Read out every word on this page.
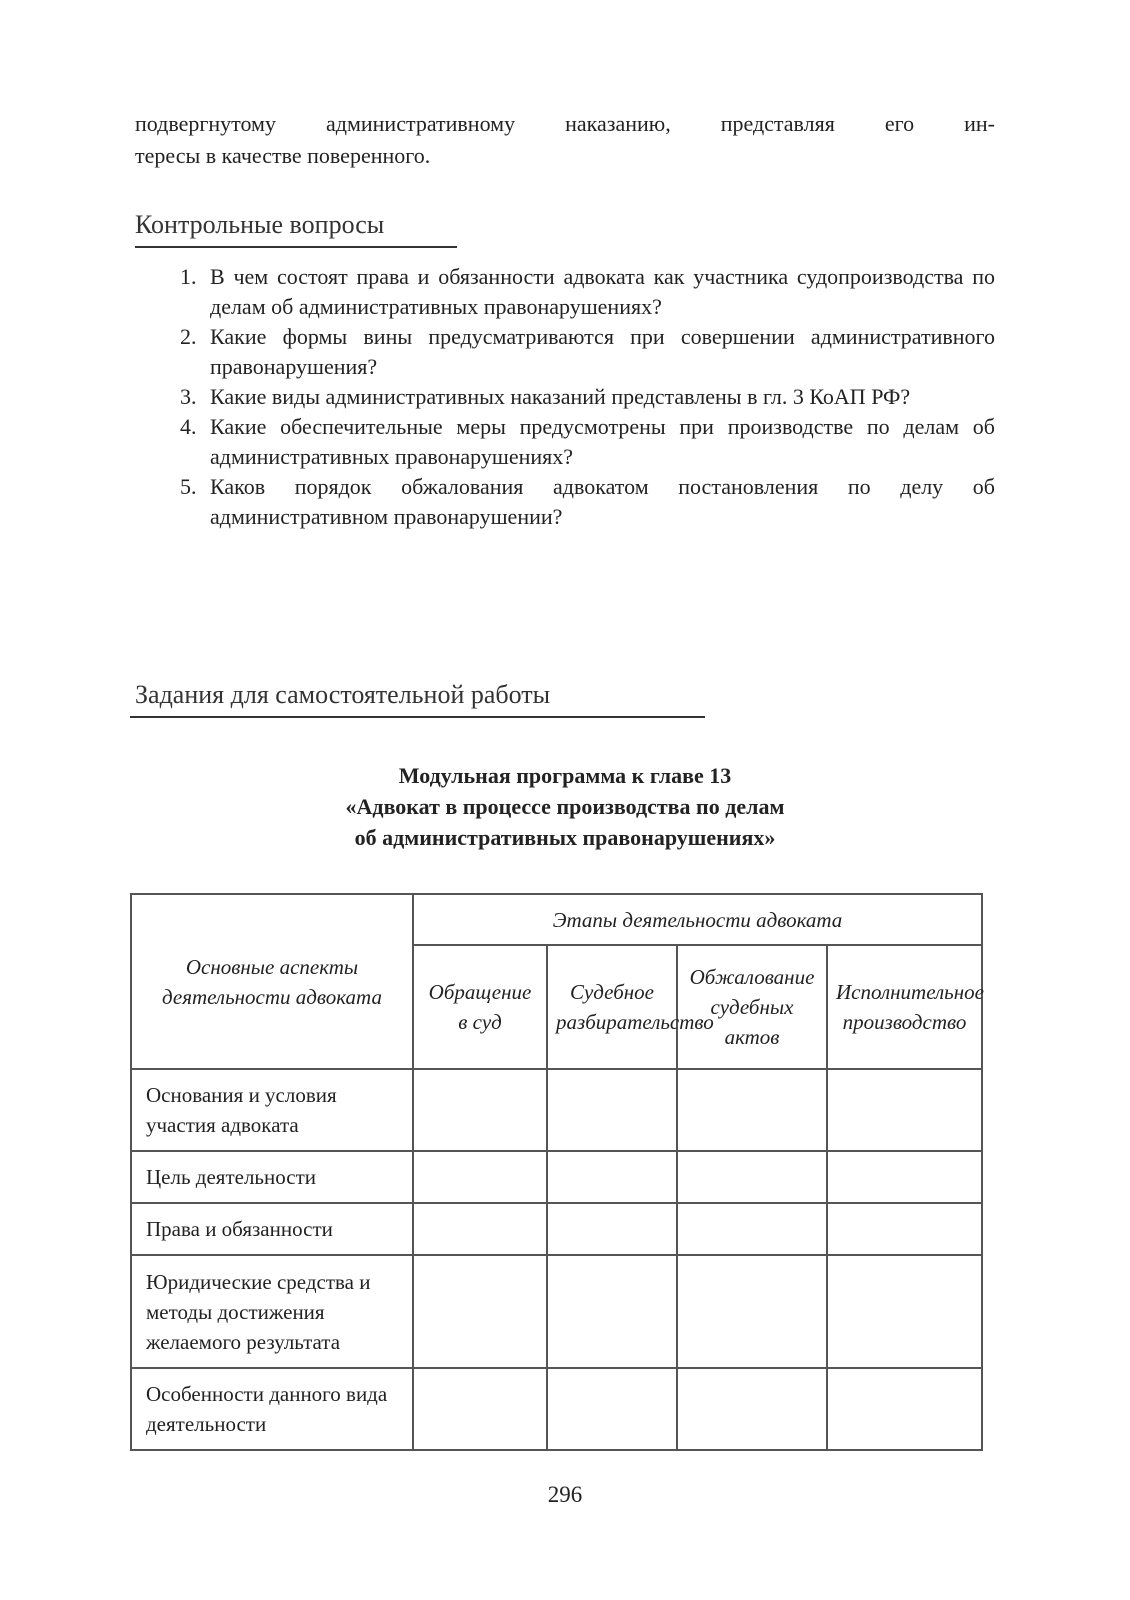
подвергнутому административному наказанию, представляя его ин-
тересы в качестве поверенного.
Контрольные вопросы
1. В чем состоят права и обязанности адвоката как участника судопроизводства по делам об административных правонарушениях?
2. Какие формы вины предусматриваются при совершении административного правонарушения?
3. Какие виды административных наказаний представлены в гл. 3 КоАП РФ?
4. Какие обеспечительные меры предусмотрены при производстве по делам об административных правонарушениях?
5. Каков порядок обжалования адвокатом постановления по делу об административном правонарушении?
Задания для самостоятельной работы
Модульная программа к главе 13
«Адвокат в процессе производства по делам
об административных правонарушениях»
Основные аспекты деятельности адвоката	Этапы деятельности адвоката			
	Обращение в суд	Судебное разбирательство	Обжалование судебных актов	Исполнительное производство
Основания и условия участия адвоката				
Цель деятельности				
Права и обязанности				
Юридические средства и методы достижения желаемого результата				
Особенности данного вида деятельности				
296
